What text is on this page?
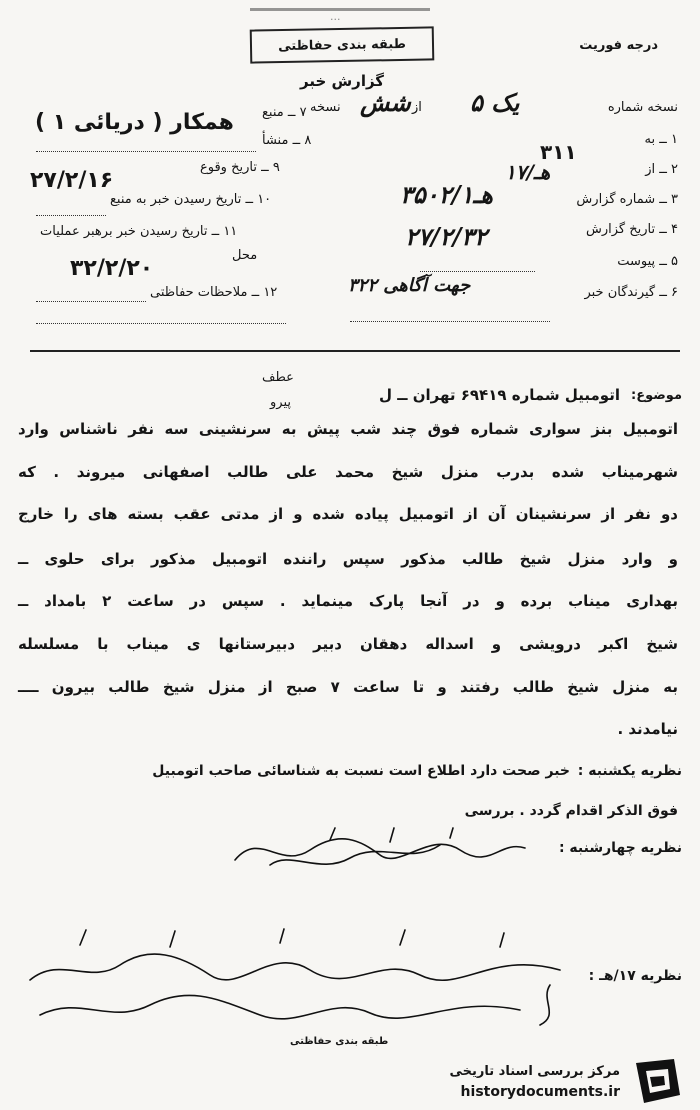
...
طبقه بندی حفاظتی	درجه فوریت
گزارش خبر
نسخه شماره
۵ یک
از
شش
نسخه
۱ ــ به
۳۱۱
۲ ــ از
۱۷/هـ
۳ ــ شماره گزارش
۳۵۰۲/هـ۱
۴ ــ تاریخ گزارش
۲۷/۲/۳۲
۵ ــ پیوست
۶ ــ گیرندگان خبر
۳۲۲ جهت آگاهی
۷ ــ منبع
همکار ( دریائی ۱ )
۸ ــ منشأ
۹ ــ تاریخ وقوع
۲۷/۲/۱۶
۱۰ ــ تاریخ رسیدن خبر به منبع
۱۱ ــ تاریخ رسیدن خبر برهبر عملیات
محل
۳۲/۲/۲۰
۱۲ ــ ملاحظات حفاظتی
عطف
پیرو	موضوع:
اتومبیل شماره ۶۹۴۱۹ تهران ــ ل
اتومبیل بنز سواری شماره فوق چند شب پیش به سرنشینی سه نفر ناشناس وارد
شهرمیناب شده بدرب منزل شیخ محمد علی طالب اصفهانی میروند . که
دو نفر از سرنشینان آن از اتومبیل پیاده شده و از مدتی عقب بسته های را خارج
و وارد منزل شیخ طالب مذکور سپس راننده اتومبیل مذکور برای حلوی ــ
بهداری میناب برده و در آنجا پارک مینماید . سپس در ساعت ۲ بامداد ــ
شیخ اکبر درویشی و اسداله دهقان دبیر دبیرستانها ی میناب با مسلسله
به منزل شیخ طالب رفتند و تا ساعت ۷ صبح از منزل شیخ طالب بیرون ــــ
نیامدند .
نظریه یکشنبه :
خبر صحت دارد اطلاع است نسبت به شناسائی صاحب اتومبیل
فوق الذکر اقدام گردد . بررسی
نظریه چهارشنبه :
نظریه ۱۷/هـ :
طبقه بندی حفاظتی
مرکز بررسی اسناد تاریخی
historydocuments.ir
